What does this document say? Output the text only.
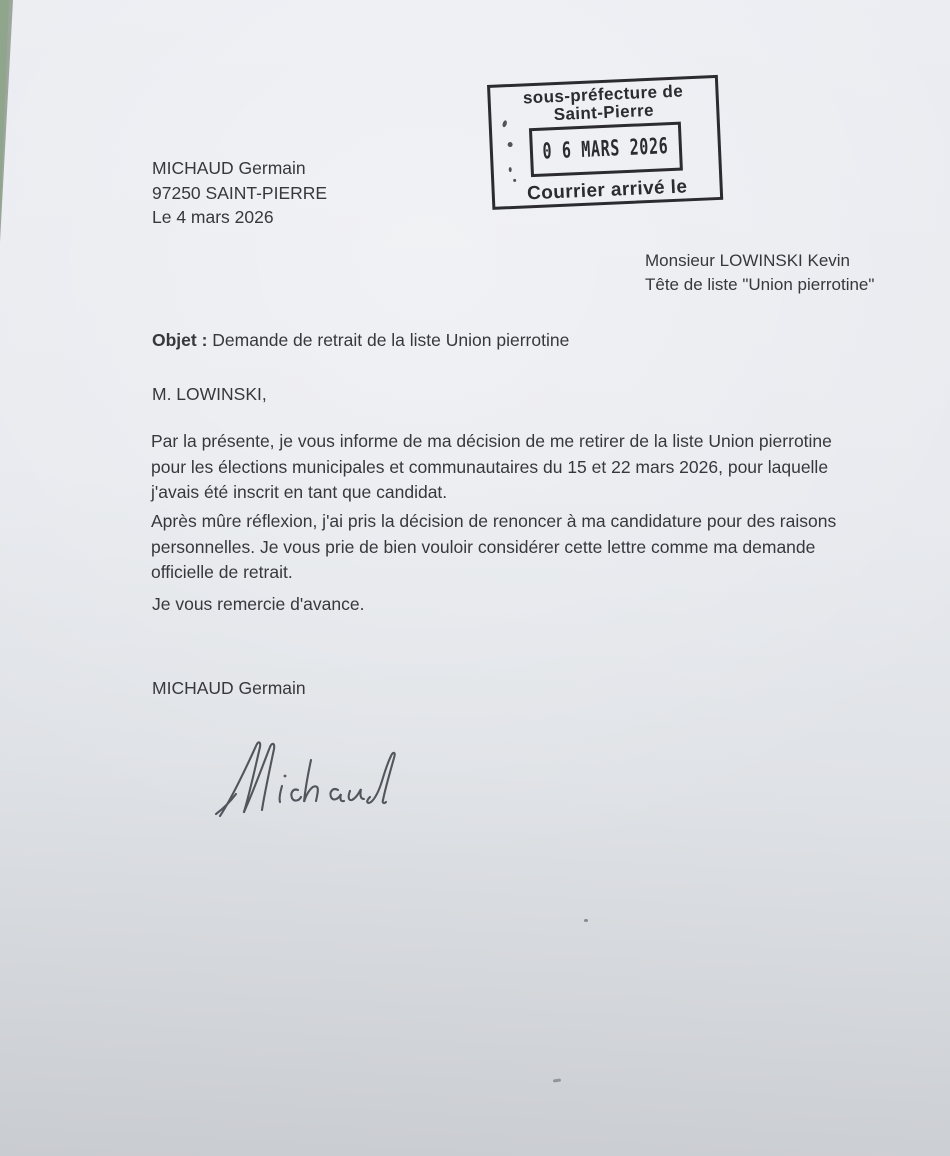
sous-préfecture de
Saint-Pierre
0 6 MARS 2026
Courrier arrivé le
MICHAUD Germain
97250 SAINT-PIERRE
Le 4 mars 2026
Monsieur LOWINSKI Kevin
Tête de liste "Union pierrotine"
Objet : Demande de retrait de la liste Union pierrotine
M. LOWINSKI,
Par la présente, je vous informe de ma décision de me retirer de la liste Union pierrotine
pour les élections municipales et communautaires du 15 et 22 mars 2026, pour laquelle
j'avais été inscrit en tant que candidat.
Après mûre réflexion, j'ai pris la décision de renoncer à ma candidature pour des raisons
personnelles. Je vous prie de bien vouloir considérer cette lettre comme ma demande
officielle de retrait.
Je vous remercie d'avance.
MICHAUD Germain
